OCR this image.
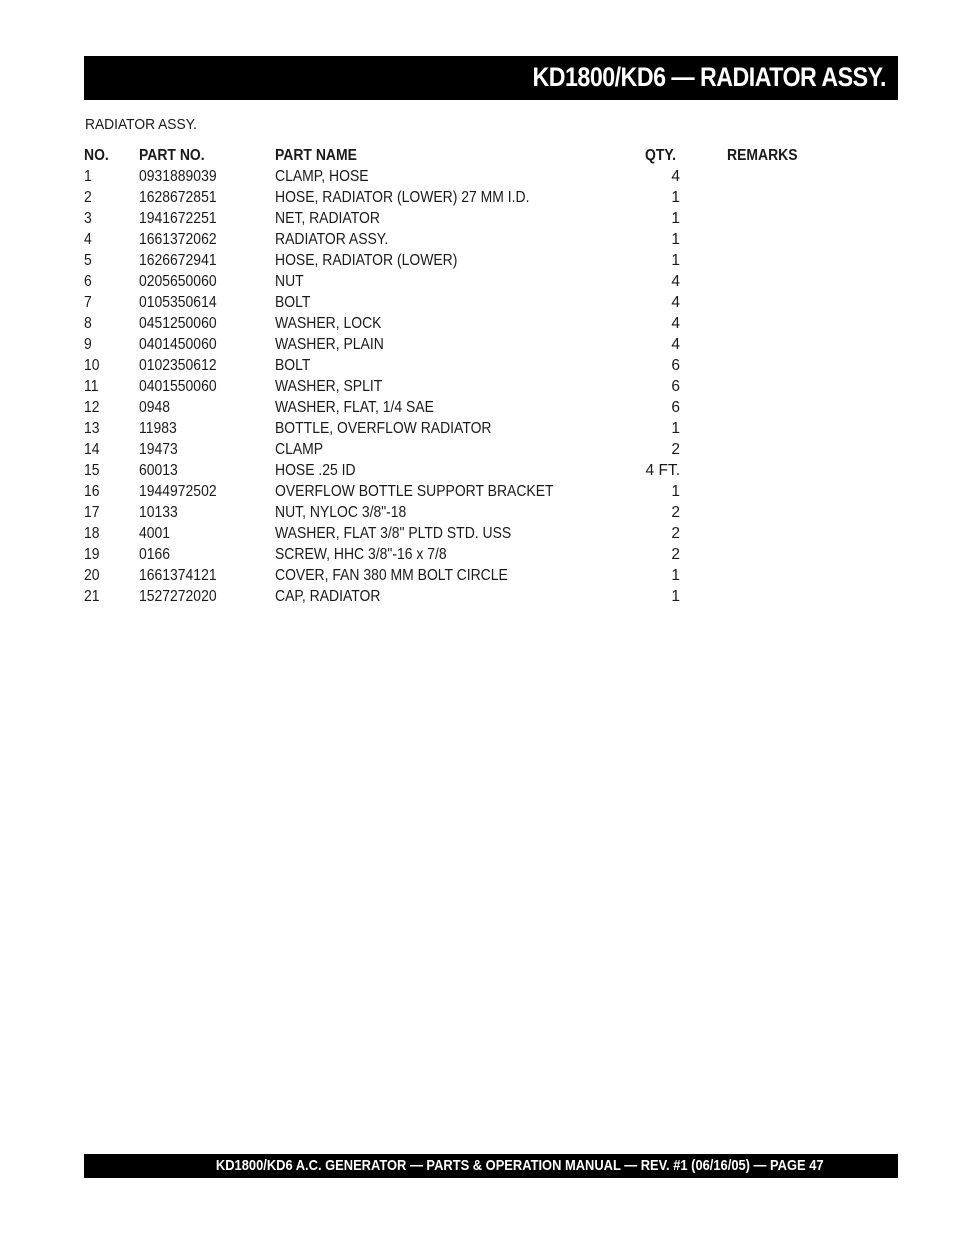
KD1800/KD6 — RADIATOR ASSY.
RADIATOR ASSY.
NO.	PART NO.	PART NAME	QTY.	REMARKS
1	0931889039	CLAMP, HOSE	4	
2	1628672851	HOSE, RADIATOR (LOWER) 27 MM I.D.	1	
3	1941672251	NET, RADIATOR	1	
4	1661372062	RADIATOR ASSY.	1	
5	1626672941	HOSE, RADIATOR (LOWER)	1	
6	0205650060	NUT	4	
7	0105350614	BOLT	4	
8	0451250060	WASHER, LOCK	4	
9	0401450060	WASHER, PLAIN	4	
10	0102350612	BOLT	6	
11	0401550060	WASHER, SPLIT	6	
12	0948	WASHER, FLAT, 1/4 SAE	6	
13	11983	BOTTLE, OVERFLOW RADIATOR	1	
14	19473	CLAMP	2	
15	60013	HOSE .25 ID	4 FT.	
16	1944972502	OVERFLOW BOTTLE SUPPORT BRACKET	1	
17	10133	NUT, NYLOC 3/8"-18	2	
18	4001	WASHER, FLAT 3/8" PLTD STD. USS	2	
19	0166	SCREW, HHC 3/8"-16 x 7/8	2	
20	1661374121	COVER, FAN 380 MM BOLT CIRCLE	1	
21	1527272020	CAP, RADIATOR	1	
KD1800/KD6 A.C. GENERATOR — PARTS & OPERATION MANUAL — REV. #1 (06/16/05) — PAGE 47
